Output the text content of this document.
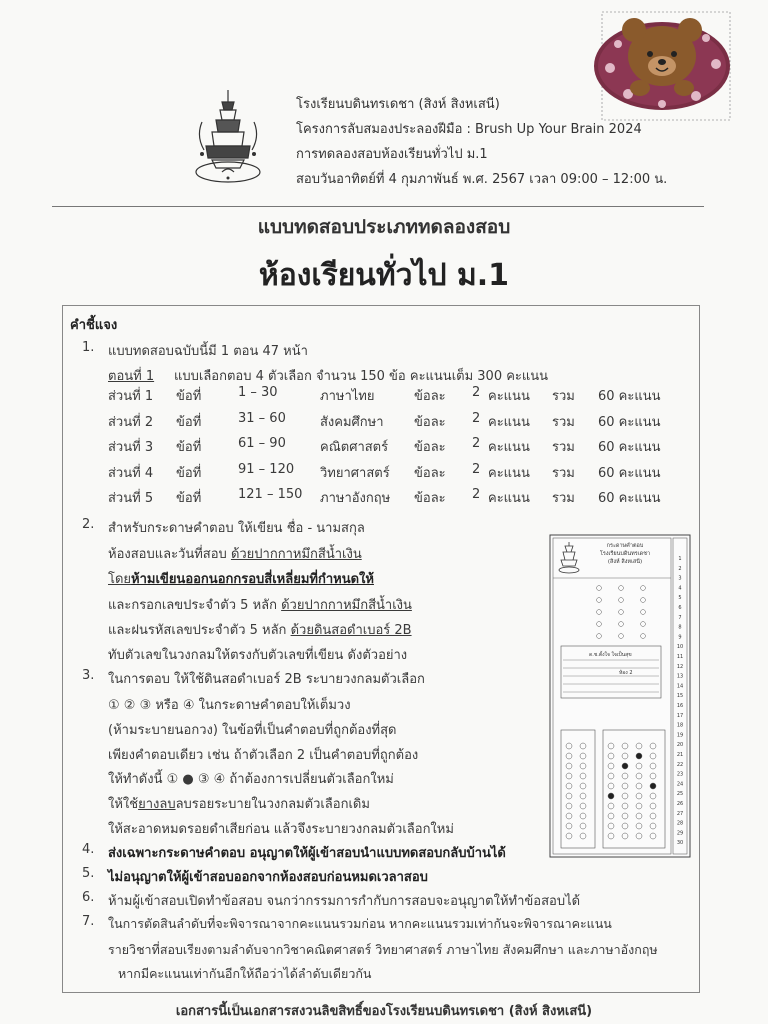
โรงเรียนบดินทรเดชา (สิงห์ สิงหเสนี)
โครงการลับสมองประลองฝีมือ : Brush Up Your Brain 2024
การทดลองสอบห้องเรียนทั่วไป ม.1
สอบวันอาทิตย์ที่ 4 กุมภาพันธ์ พ.ศ. 2567 เวลา 09:00 – 12:00 น.
แบบทดสอบประเภททดลองสอบ
ห้องเรียนทั่วไป ม.1
คำชี้แจง
1. แบบทดสอบฉบับนี้มี 1 ตอน 47 หน้า
ตอนที่ 1 แบบเลือกตอบ 4 ตัวเลือก จำนวน 150 ข้อ คะแนนเต็ม 300 คะแนน
ส่วนที่ 1 ข้อที่	1 – 30	ภาษาไทย	ข้อละ 2 คะแนน รวม 60 คะแนน
ส่วนที่ 2 ข้อที่	31 – 60	สังคมศึกษา ข้อละ 2 คะแนน รวม 60 คะแนน
ส่วนที่ 3 ข้อที่	61 – 90	คณิตศาสตร์ ข้อละ 2 คะแนน รวม 60 คะแนน
ส่วนที่ 4 ข้อที่	91 – 120 วิทยาศาสตร์ ข้อละ 2 คะแนน รวม 60 คะแนน
ส่วนที่ 5 ข้อที่	121 – 150 ภาษาอังกฤษ ข้อละ 2 คะแนน รวม 60 คะแนน
2. สำหรับกระดาษคำตอบ ให้เขียน ชื่อ - นามสกุล
ห้องสอบและวันที่สอบ ด้วยปากกาหมึกสีน้ำเงิน
โดยห้ามเขียนออกนอกกรอบสี่เหลี่ยมที่กำหนดให้
และกรอกเลขประจำตัว 5 หลัก ด้วยปากกาหมึกสีน้ำเงิน
และฝนรหัสเลขประจำตัว 5 หลัก ด้วยดินสอดำเบอร์ 2B
ทับตัวเลขในวงกลมให้ตรงกับตัวเลขที่เขียน ดังตัวอย่าง
3. ในการตอบ ให้ใช้ดินสอดำเบอร์ 2B ระบายวงกลมตัวเลือก
① ② ③ หรือ ④ ในกระดาษคำตอบให้เต็มวง
(ห้ามระบายนอกวง) ในข้อที่เป็นคำตอบที่ถูกต้องที่สุด
เพียงคำตอบเดียว เช่น ถ้าตัวเลือก 2 เป็นคำตอบที่ถูกต้อง
ให้ทำดังนี้ ① ● ③ ④ ถ้าต้องการเปลี่ยนตัวเลือกใหม่
ให้ใช้ยางลบลบรอยระบายในวงกลมตัวเลือกเดิม
ให้สะอาดหมดรอยดำเสียก่อน แล้วจึงระบายวงกลมตัวเลือกใหม่
4. ส่งเฉพาะกระดาษคำตอบ อนุญาตให้ผู้เข้าสอบนำแบบทดสอบกลับบ้านได้
5. ไม่อนุญาตให้ผู้เข้าสอบออกจากห้องสอบก่อนหมดเวลาสอบ
6. ห้ามผู้เข้าสอบเปิดทำข้อสอบ จนกว่ากรรมการกำกับการสอบจะอนุญาตให้ทำข้อสอบได้
7. ในการตัดสินลำดับที่จะพิจารณาจากคะแนนรวมก่อน หากคะแนนรวมเท่ากันจะพิจารณาคะแนน
รายวิชาที่สอบเรียงตามลำดับจากวิชาคณิตศาสตร์ วิทยาศาสตร์ ภาษาไทย สังคมศึกษา และภาษาอังกฤษ
หากมีคะแนนเท่ากันอีกให้ถือว่าได้ลำดับเดียวกัน
กระดาษคำตอบ
โรงเรียนบดินทรเดชา
(สิงห์ สิงหเสนี)
ด.ช.ตั้งใจ ใจเป็นสุข
ห้อง 2
1
2
3
4
5
6
7
8
9
10
11
12
13
14
15
16
17
18
19
20
21
22
23
24
25
26
27
28
29
30
เอกสารนี้เป็นเอกสารสงวนลิขสิทธิ์ของโรงเรียนบดินทรเดชา (สิงห์ สิงหเสนี)
